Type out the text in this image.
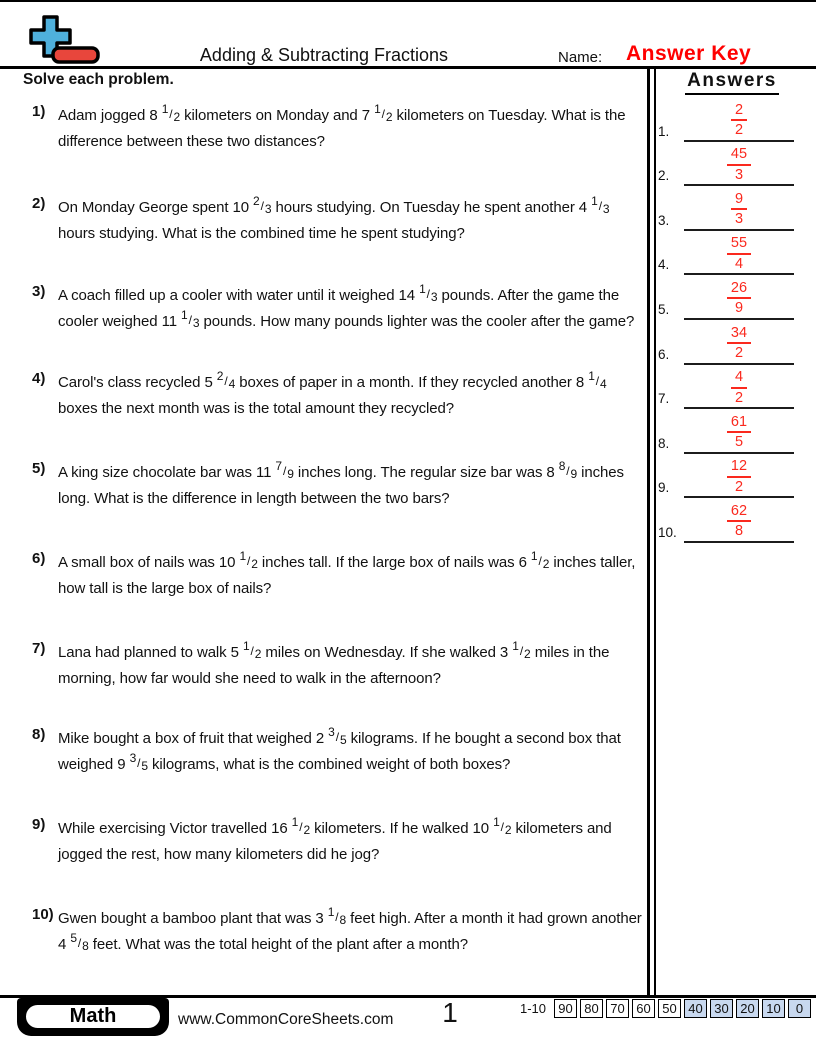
Adding & Subtracting Fractions	Name: Answer Key
Solve each problem.
1) Adam jogged 8 $^1$/2 kilometers on Monday and 7 $^1$/2 kilometers on Tuesday. What is the difference between these two distances?
2) On Monday George spent 10 $^2$/3 hours studying. On Tuesday he spent another 4 $^1$/3 hours studying. What is the combined time he spent studying?
3) A coach filled up a cooler with water until it weighed 14 $^1$/3 pounds. After the game the cooler weighed 11 $^1$/3 pounds. How many pounds lighter was the cooler after the game?
4) Carol's class recycled 5 $^2$/4 boxes of paper in a month. If they recycled another 8 $^1$/4 boxes the next month was is the total amount they recycled?
5) A king size chocolate bar was 11 $^7$/9 inches long. The regular size bar was 8 $^8$/9 inches long. What is the difference in length between the two bars?
6) A small box of nails was 10 $^1$/2 inches tall. If the large box of nails was 6 $^1$/2 inches taller, how tall is the large box of nails?
7) Lana had planned to walk 5 $^1$/2 miles on Wednesday. If she walked 3 $^1$/2 miles in the morning, how far would she need to walk in the afternoon?
8) Mike bought a box of fruit that weighed 2 $^3$/5 kilograms. If he bought a second box that weighed 9 $^3$/5 kilograms, what is the combined weight of both boxes?
9) While exercising Victor travelled 16 $^1$/2 kilometers. If he walked 10 $^1$/2 kilometers and jogged the rest, how many kilometers did he jog?
10) Gwen bought a bamboo plant that was 3 $^1$/8 feet high. After a month it had grown another 4 $^5$/8 feet. What was the total height of the plant after a month?
Answers
1.	$\frac{2}{2}$
2.	$\frac{45}{3}$
3.	$\frac{9}{3}$
4.	$\frac{55}{4}$
5.	$\frac{26}{9}$
6.	$\frac{34}{2}$
7.	$\frac{4}{2}$
8.	$\frac{61}{5}$
9.	$\frac{12}{2}$
10.	$\frac{62}{8}$
Math	www.CommonCoreSheets.com	1	1-10 90 80 70 60 50 40 30 20 10	0
